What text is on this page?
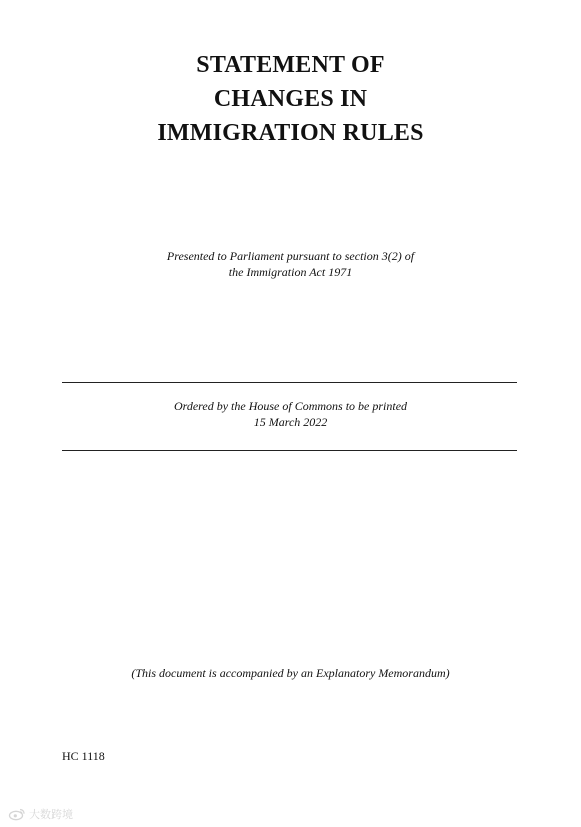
STATEMENT OF
CHANGES IN
IMMIGRATION RULES
Presented to Parliament pursuant to section 3(2) of
the Immigration Act 1971
Ordered by the House of Commons to be printed
15 March 2022
(This document is accompanied by an Explanatory Memorandum)
HC 1118
大数跨境
